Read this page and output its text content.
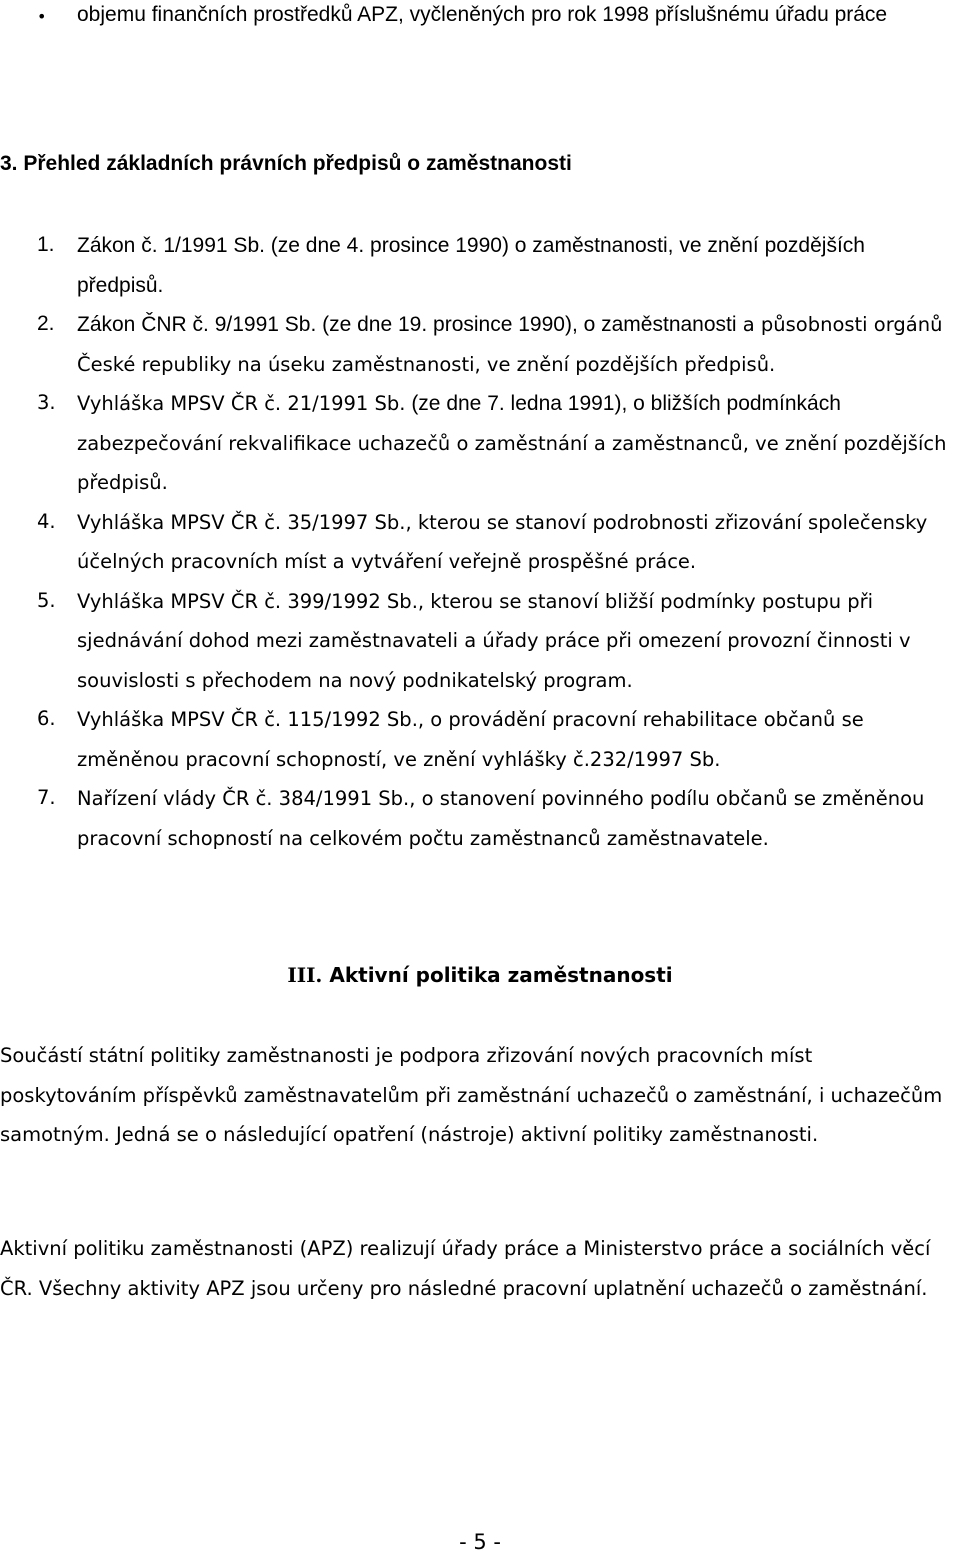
• objemu finančních prostředků APZ, vyčleněných pro rok 1998 příslušnému úřadu práce
3. Přehled základních právních předpisů o zaměstnanosti
1. Zákon č. 1/1991 Sb. (ze dne 4. prosince 1990) o zaměstnanosti, ve znění pozdějších předpisů.
2. Zákon ČNR č. 9/1991 Sb. (ze dne 19. prosince 1990), o zaměstnanosti a působnosti orgánů České republiky na úseku zaměstnanosti, ve znění pozdějších předpisů.
3. Vyhláška MPSV ČR č. 21/1991 Sb. (ze dne 7. ledna 1991), o bližších podmínkách zabezpečování rekvalifikace uchazečů o zaměstnání a zaměstnanců, ve znění pozdějších předpisů.
4. Vyhláška MPSV ČR č. 35/1997 Sb., kterou se stanoví podrobnosti zřizování společensky účelných pracovních míst a vytváření veřejně prospěšné práce.
5. Vyhláška MPSV ČR č. 399/1992 Sb., kterou se stanoví bližší podmínky postupu při sjednávání dohod mezi zaměstnavateli a úřady práce při omezení provozní činnosti v souvislosti s přechodem na nový podnikatelský program.
6. Vyhláška MPSV ČR č. 115/1992 Sb., o provádění pracovní rehabilitace občanů se změněnou pracovní schopností, ve znění vyhlášky č.232/1997 Sb.
7. Nařízení vlády ČR č. 384/1991 Sb., o stanovení povinného podílu občanů se změněnou pracovní schopností na celkovém počtu zaměstnanců zaměstnavatele.
III. Aktivní politika zaměstnanosti
Součástí státní politiky zaměstnanosti je podpora zřizování nových pracovních míst poskytováním příspěvků zaměstnavatelům při zaměstnání uchazečů o zaměstnání, i uchazečům samotným. Jedná se o následující opatření (nástroje) aktivní politiky zaměstnanosti.
Aktivní politiku zaměstnanosti (APZ) realizují úřady práce a Ministerstvo práce a sociálních věcí ČR. Všechny aktivity APZ jsou určeny pro následné pracovní uplatnění uchazečů o zaměstnání.
- 5 -
